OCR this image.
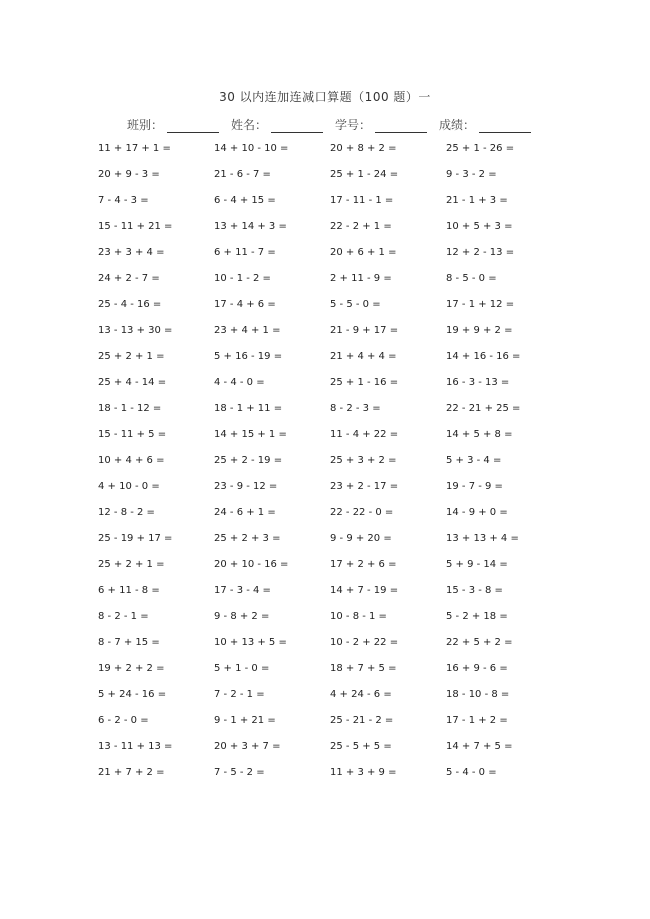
30 以内连加连减口算题（100 题）一
班别：	姓名：	学号：	成绩：
11 + 17 + 1 =	14 + 10 - 10 =	20 + 8 + 2 =	25 + 1 - 26 =
20 + 9 - 3 =	21 - 6 - 7 =	25 + 1 - 24 =	9 - 3 - 2 =
7 - 4 - 3 =	6 - 4 + 15 =	17 - 11 - 1 =	21 - 1 + 3 =
15 - 11 + 21 =	13 + 14 + 3 =	22 - 2 + 1 =	10 + 5 + 3 =
23 + 3 + 4 =	6 + 11 - 7 =	20 + 6 + 1 =	12 + 2 - 13 =
24 + 2 - 7 =	10 - 1 - 2 =	2 + 11 - 9 =	8 - 5 - 0 =
25 - 4 - 16 =	17 - 4 + 6 =	5 - 5 - 0 =	17 - 1 + 12 =
13 - 13 + 30 =	23 + 4 + 1 =	21 - 9 + 17 =	19 + 9 + 2 =
25 + 2 + 1 =	5 + 16 - 19 =	21 + 4 + 4 =	14 + 16 - 16 =
25 + 4 - 14 =	4 - 4 - 0 =	25 + 1 - 16 =	16 - 3 - 13 =
18 - 1 - 12 =	18 - 1 + 11 =	8 - 2 - 3 =	22 - 21 + 25 =
15 - 11 + 5 =	14 + 15 + 1 =	11 - 4 + 22 =	14 + 5 + 8 =
10 + 4 + 6 =	25 + 2 - 19 =	25 + 3 + 2 =	5 + 3 - 4 =
4 + 10 - 0 =	23 - 9 - 12 =	23 + 2 - 17 =	19 - 7 - 9 =
12 - 8 - 2 =	24 - 6 + 1 =	22 - 22 - 0 =	14 - 9 + 0 =
25 - 19 + 17 =	25 + 2 + 3 =	9 - 9 + 20 =	13 + 13 + 4 =
25 + 2 + 1 =	20 + 10 - 16 =	17 + 2 + 6 =	5 + 9 - 14 =
6 + 11 - 8 =	17 - 3 - 4 =	14 + 7 - 19 =	15 - 3 - 8 =
8 - 2 - 1 =	9 - 8 + 2 =	10 - 8 - 1 =	5 - 2 + 18 =
8 - 7 + 15 =	10 + 13 + 5 =	10 - 2 + 22 =	22 + 5 + 2 =
19 + 2 + 2 =	5 + 1 - 0 =	18 + 7 + 5 =	16 + 9 - 6 =
5 + 24 - 16 =	7 - 2 - 1 =	4 + 24 - 6 =	18 - 10 - 8 =
6 - 2 - 0 =	9 - 1 + 21 =	25 - 21 - 2 =	17 - 1 + 2 =
13 - 11 + 13 =	20 + 3 + 7 =	25 - 5 + 5 =	14 + 7 + 5 =
21 + 7 + 2 =	7 - 5 - 2 =	11 + 3 + 9 =	5 - 4 - 0 =
